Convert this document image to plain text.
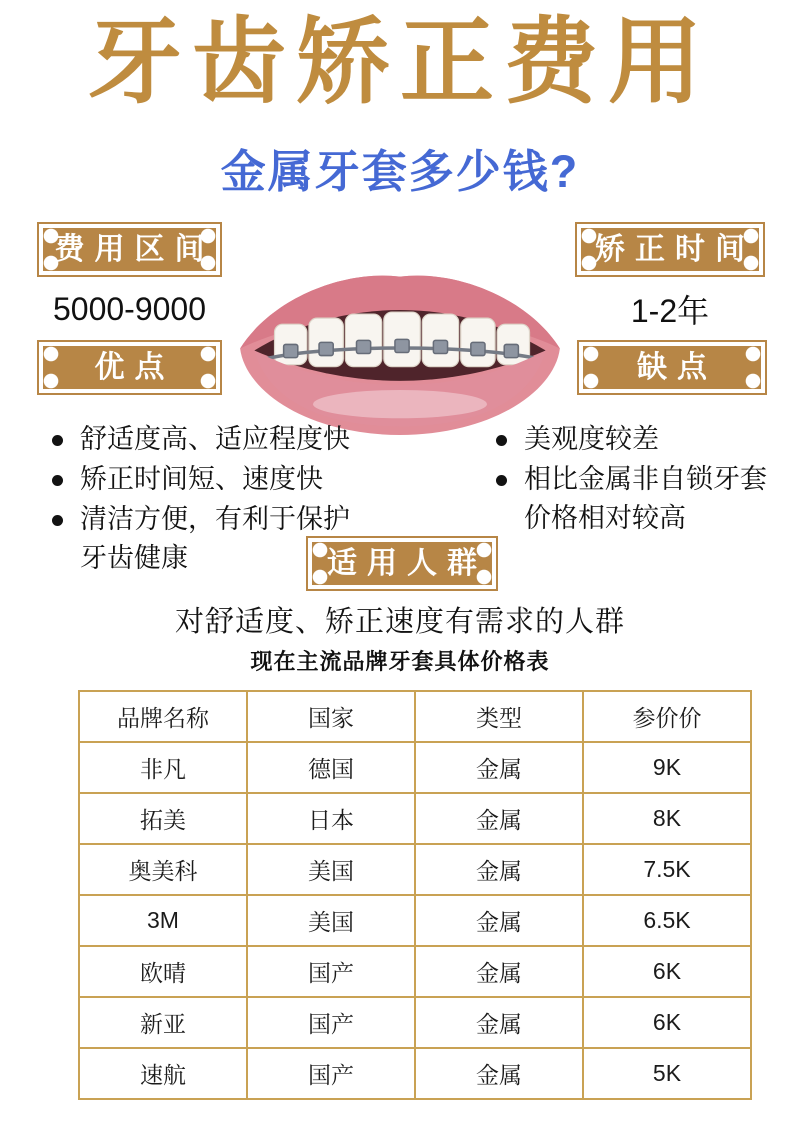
牙齿矫正费用
金属牙套多少钱?
费用区间
5000-9000
矫正时间
1-2年
优点	缺点
舒适度高、适应程度快
矫正时间短、速度快
清洁方便，有利于保护牙齿健康
美观度较差
相比金属非自锁牙套价格相对较高
适用人群
对舒适度、矫正速度有需求的人群
现在主流品牌牙套具体价格表
品牌名称	国家	类型	参价价
非凡	德国	金属	9K
拓美	日本	金属	8K
奥美科	美国	金属	7.5K
3M	美国	金属	6.5K
欧晴	国产	金属	6K
新亚	国产	金属	6K
速航	国产	金属	5K
